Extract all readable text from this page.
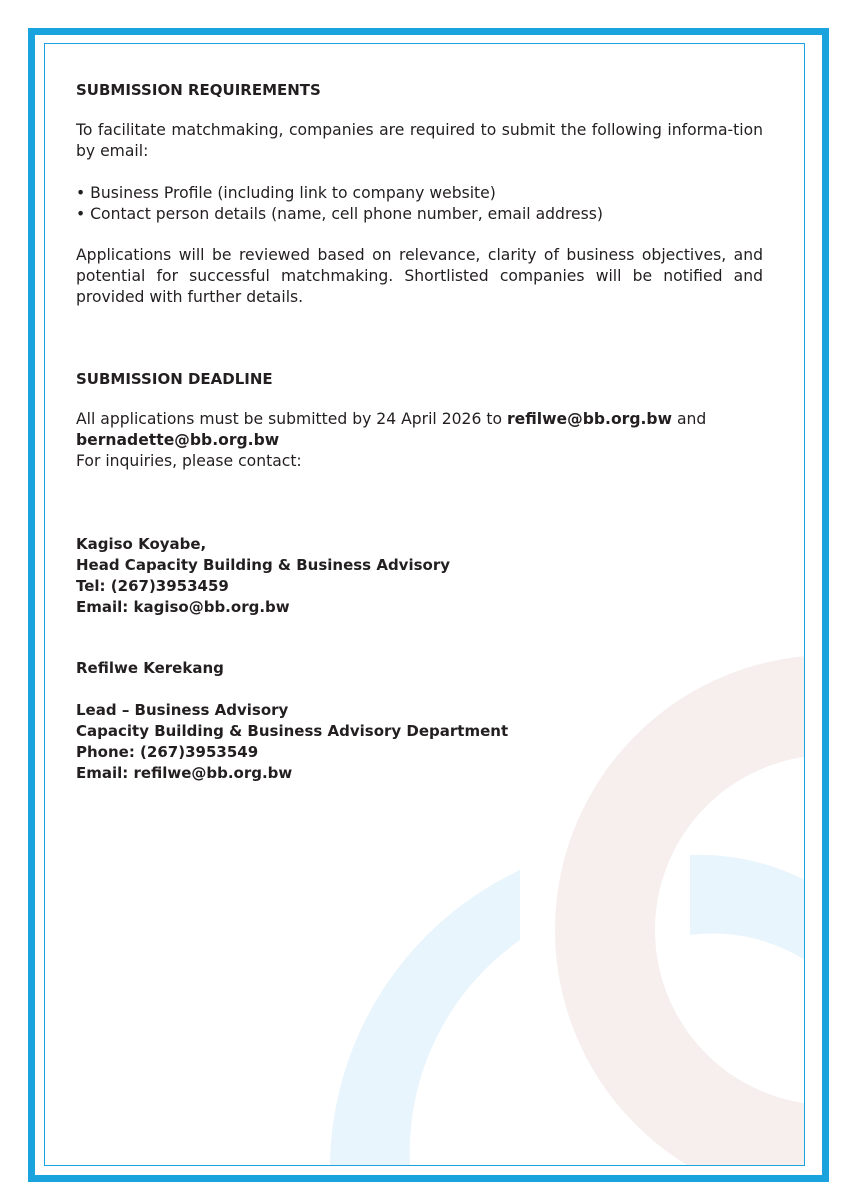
SUBMISSION REQUIREMENTS

To facilitate matchmaking, companies are required to submit the following informa-tion by email:

• Business Profile (including link to company website)
• Contact person details (name, cell phone number, email address)

Applications will be reviewed based on relevance, clarity of business objectives, and potential for successful matchmaking. Shortlisted companies will be notified and provided with further details.

SUBMISSION DEADLINE

All applications must be submitted by 24 April 2026 to refilwe@bb.org.bw and
bernadette@bb.org.bw
For inquiries, please contact:

Kagiso Koyabe,
Head Capacity Building & Business Advisory
Tel: (267)3953459
Email: kagiso@bb.org.bw
Refilwe Kerekang
Lead – Business Advisory
Capacity Building & Business Advisory Department
Phone: (267)3953549
Email: refilwe@bb.org.bw
